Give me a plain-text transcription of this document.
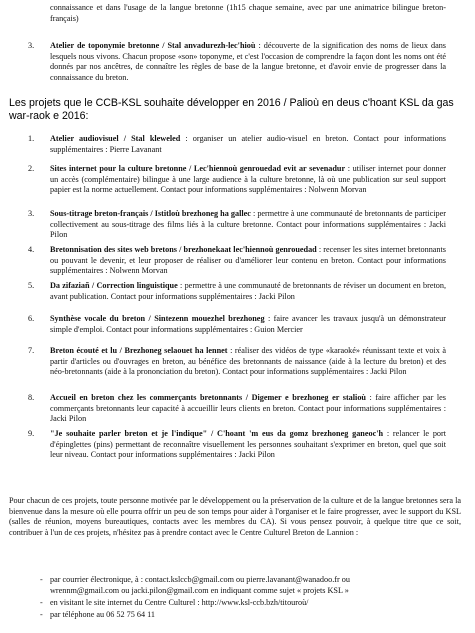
connaissance et dans l'usage de la langue bretonne (1h15 chaque semaine, avec par une animatrice bilingue breton-français)
3. Atelier de toponymie bretonne / Stal anvadurezh-lec'hioù : découverte de la signification des noms de lieux dans lesquels nous vivons. Chacun propose «son» toponyme, et c'est l'occasion de comprendre la façon dont les noms ont été donnés par nos ancêtres, de connaître les règles de base de la langue bretonne, et d'avoir envie de progresser dans la connaissance du breton.
Les projets que le CCB-KSL souhaite développer en 2016 / Palioù en deus c'hoant KSL da gas war-raok e 2016:
1. Atelier audiovisuel / Stal kleweled : organiser un atelier audio-visuel en breton. Contact pour informations supplémentaires : Pierre Lavanant
2. Sites internet pour la culture bretonne / Lec'hiennoù genrouedad evit ar sevenadur : utiliser internet pour donner un accès (complémentaire) bilingue à une large audience à la culture bretonne, là où une publication sur seul support papier est la norme actuellement. Contact pour informations supplémentaires : Nolwenn Morvan
3. Sous-titrage breton-français / Istitloù brezhoneg ha gallec : permettre à une communauté de bretonnants de participer collectivement au sous-titrage des films liés à la culture bretonne. Contact pour informations supplémentaires : Jacki Pilon
4. Bretonnisation des sites web bretons / brezhonekaat lec'hiennoù genrouedad : recenser les sites internet bretonnants ou pouvant le devenir, et leur proposer de réaliser ou d'améliorer leur contenu en breton. Contact pour informations supplémentaires : Nolwenn Morvan
5. Da zifaziañ / Correction linguistique : permettre à une communauté de bretonnants de réviser un document en breton, avant publication. Contact pour informations supplémentaires : Jacki Pilon
6. Synthèse vocale du breton / Sintezenn mouezhel brezhoneg : faire avancer les travaux jusqu'à un démonstrateur simple d'emploi. Contact pour informations supplémentaires : Guion Mercier
7. Breton écouté et lu / Brezhoneg selaouet ha lennet : réaliser des vidéos de type «karaoké» réunissant texte et voix à partir d'articles ou d'ouvrages en breton, au bénéfice des bretonnants de naissance (aide à la lecture du breton) et des néo-bretonnants (aide à la prononciation du breton). Contact pour informations supplémentaires : Jacki Pilon
8. Accueil en breton chez les commerçants bretonnants / Digemer e brezhoneg er stalioù : faire afficher par les commerçants bretonnants leur capacité à accueillir leurs clients en breton. Contact pour informations supplémentaires : Jacki Pilon
9. "Je souhaite parler breton et je l'indique" / C'hoant 'm eus da gomz brezhoneg ganeoc'h : relancer le port d'épinglettes (pins) permettant de reconnaître visuellement les personnes souhaitant s'exprimer en breton, quel que soit leur niveau. Contact pour informations supplémentaires : Jacki Pilon
Pour chacun de ces projets, toute personne motivée par le développement ou la préservation de la culture et de la langue bretonnes sera la bienvenue dans la mesure où elle pourra offrir un peu de son temps pour aider à l'organiser et le faire progresser, avec le support du KSL (salles de réunion, moyens bureautiques, contacts avec les membres du CA). Si vous pensez pouvoir, à quelque titre que ce soit, contribuer à l'un de ces projets, n'hésitez pas à prendre contact avec le Centre Culturel Breton de Lannion :
- par courrier électronique, à : contact.kslccb@gmail.com ou pierre.lavanant@wanadoo.fr ou
wrennm@gmail.com ou jacki.pilon@gmail.com en indiquant comme sujet « projets KSL »
- en visitant le site internet du Centre Culturel : http://www.ksl-ccb.bzh/titouroù/
- par téléphone au 06 52 75 64 11
